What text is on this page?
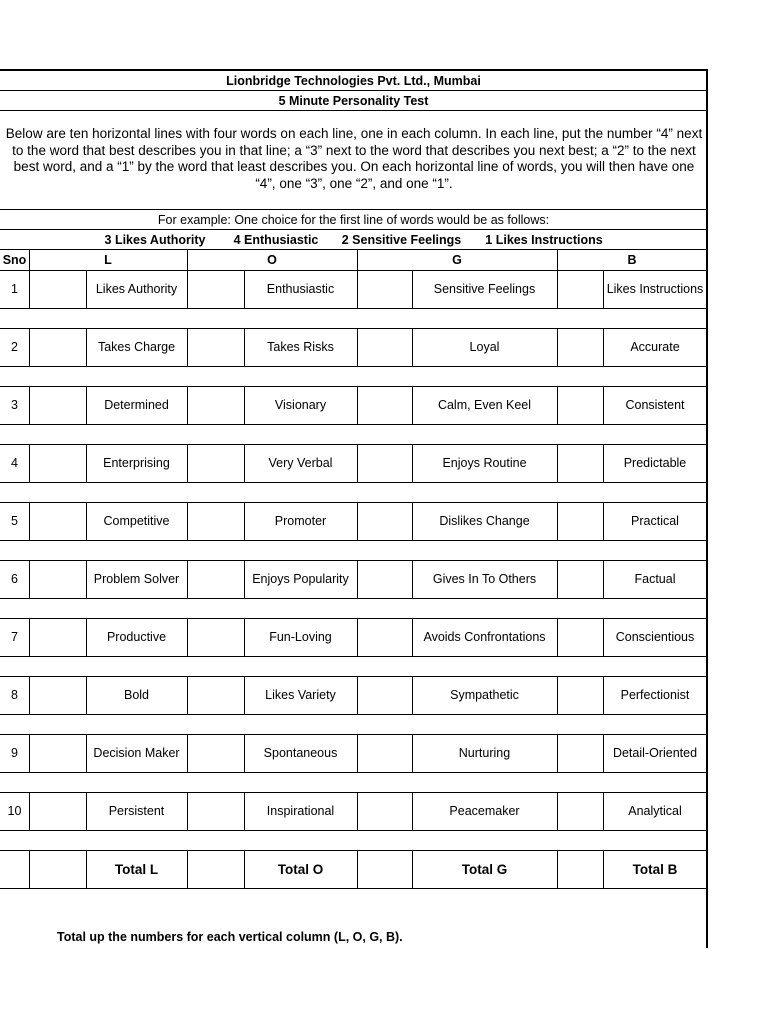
Lionbridge Technologies Pvt. Ltd., Mumbai
5 Minute Personality Test
Below are ten horizontal lines with four words on each line, one in each column. In each line, put the number “4” next to the word that best describes you in that line; a “3” next to the word that describes you next best; a “2” to the next best word, and a “1” by the word that least describes you. On each horizontal line of words, you will then have one “4”, one “3”, one “2”, and one “1”.
For example: One choice for the first line of words would be as follows:
3 Likes Authority	4 Enthusiastic	2 Sensitive Feelings	1 Likes Instructions
Sno	L	O	G	B
1	Likes Authority	Enthusiastic	Sensitive Feelings	Likes Instructions
2	Takes Charge	Takes Risks	Loyal	Accurate
3	Determined	Visionary	Calm, Even Keel	Consistent
4	Enterprising	Very Verbal	Enjoys Routine	Predictable
5	Competitive	Promoter	Dislikes Change	Practical
6	Problem Solver	Enjoys Popularity	Gives In To Others	Factual
7	Productive	Fun-Loving	Avoids Confrontations	Conscientious
8	Bold	Likes Variety	Sympathetic	Perfectionist
9	Decision Maker	Spontaneous	Nurturing	Detail-Oriented
10	Persistent	Inspirational	Peacemaker	Analytical
Total L	Total O	Total G	Total B
Total up the numbers for each vertical column (L, O, G, B).
